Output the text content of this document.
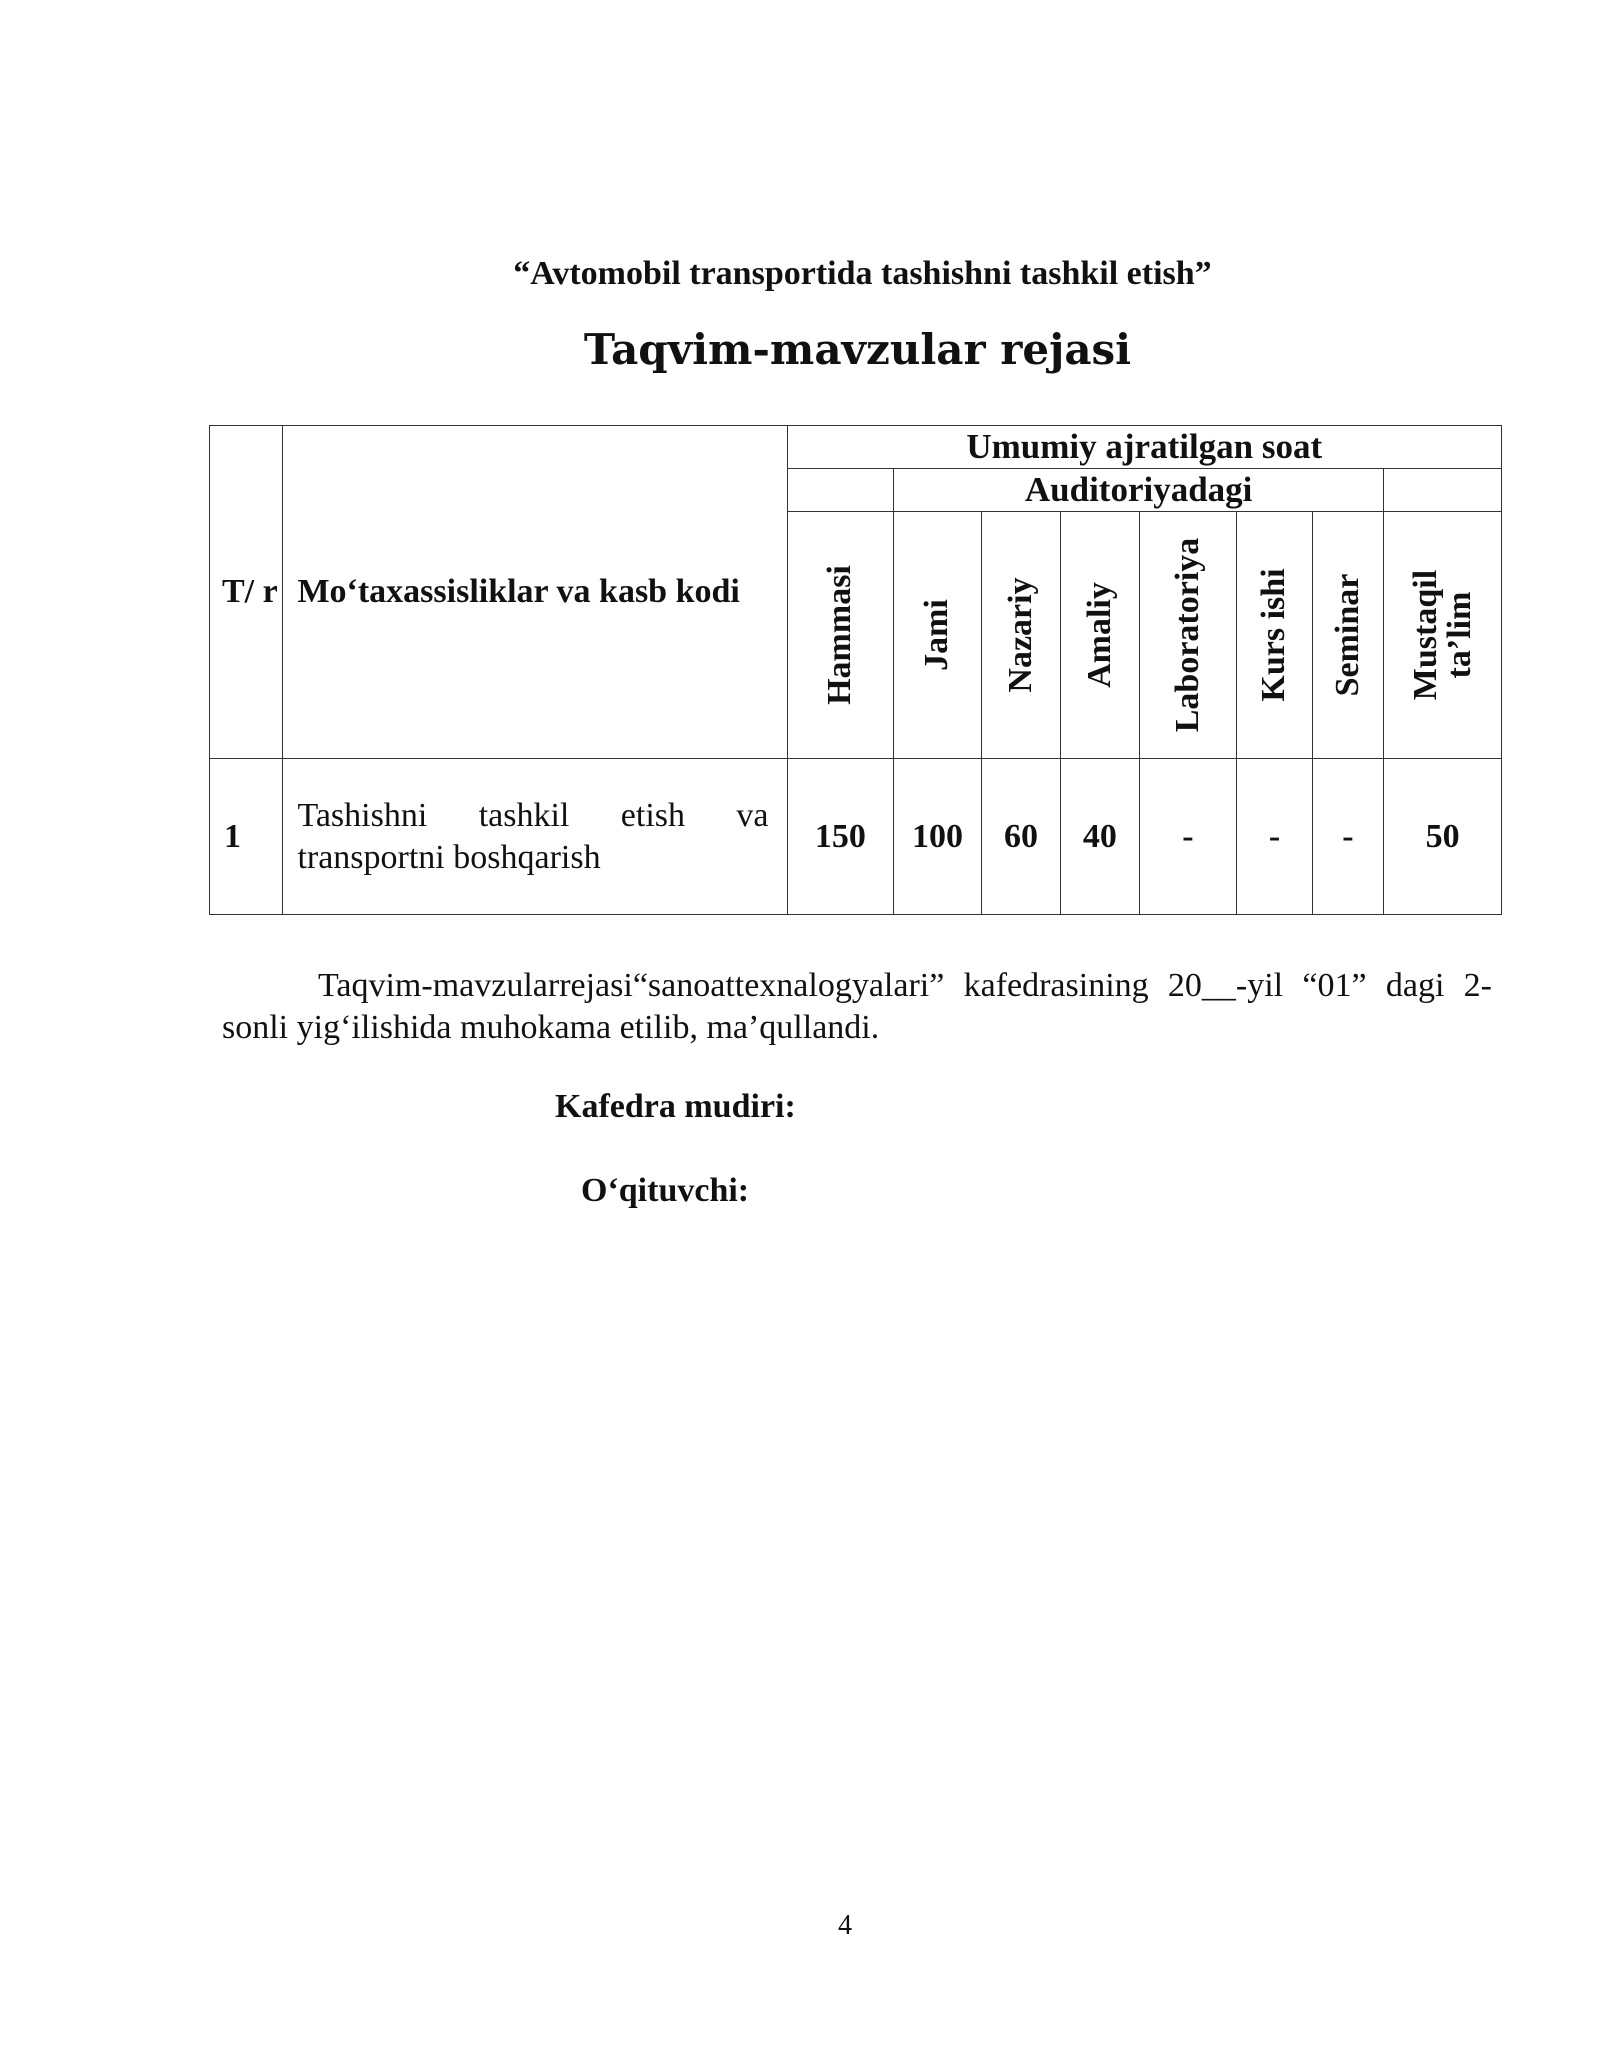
“Avtomobil transportida tashishni tashkil etish”
Taqvim-mavzular rejasi
T/ r	Mo‘taxassisliklar va kasb kodi	Umumiy ajratilgan soat							
			Auditoriyadagi						

		Hammasi	Jami	Nazariy	Amaliy	Laboratoriya	Kurs ishi	Seminar	Mustaqil ta’lim

1	Tashishni tashkil etish va transportni boshqarish	150	100	60	40	-	-	-	50
Taqvim-mavzularrejasi“sanoattexnalogyalari” kafedrasining 20__-yil “01” dagi 2- sonli yig‘ilishida muhokama etilib, ma’qullandi.
Kafedra mudiri:
O‘qituvchi:
4
